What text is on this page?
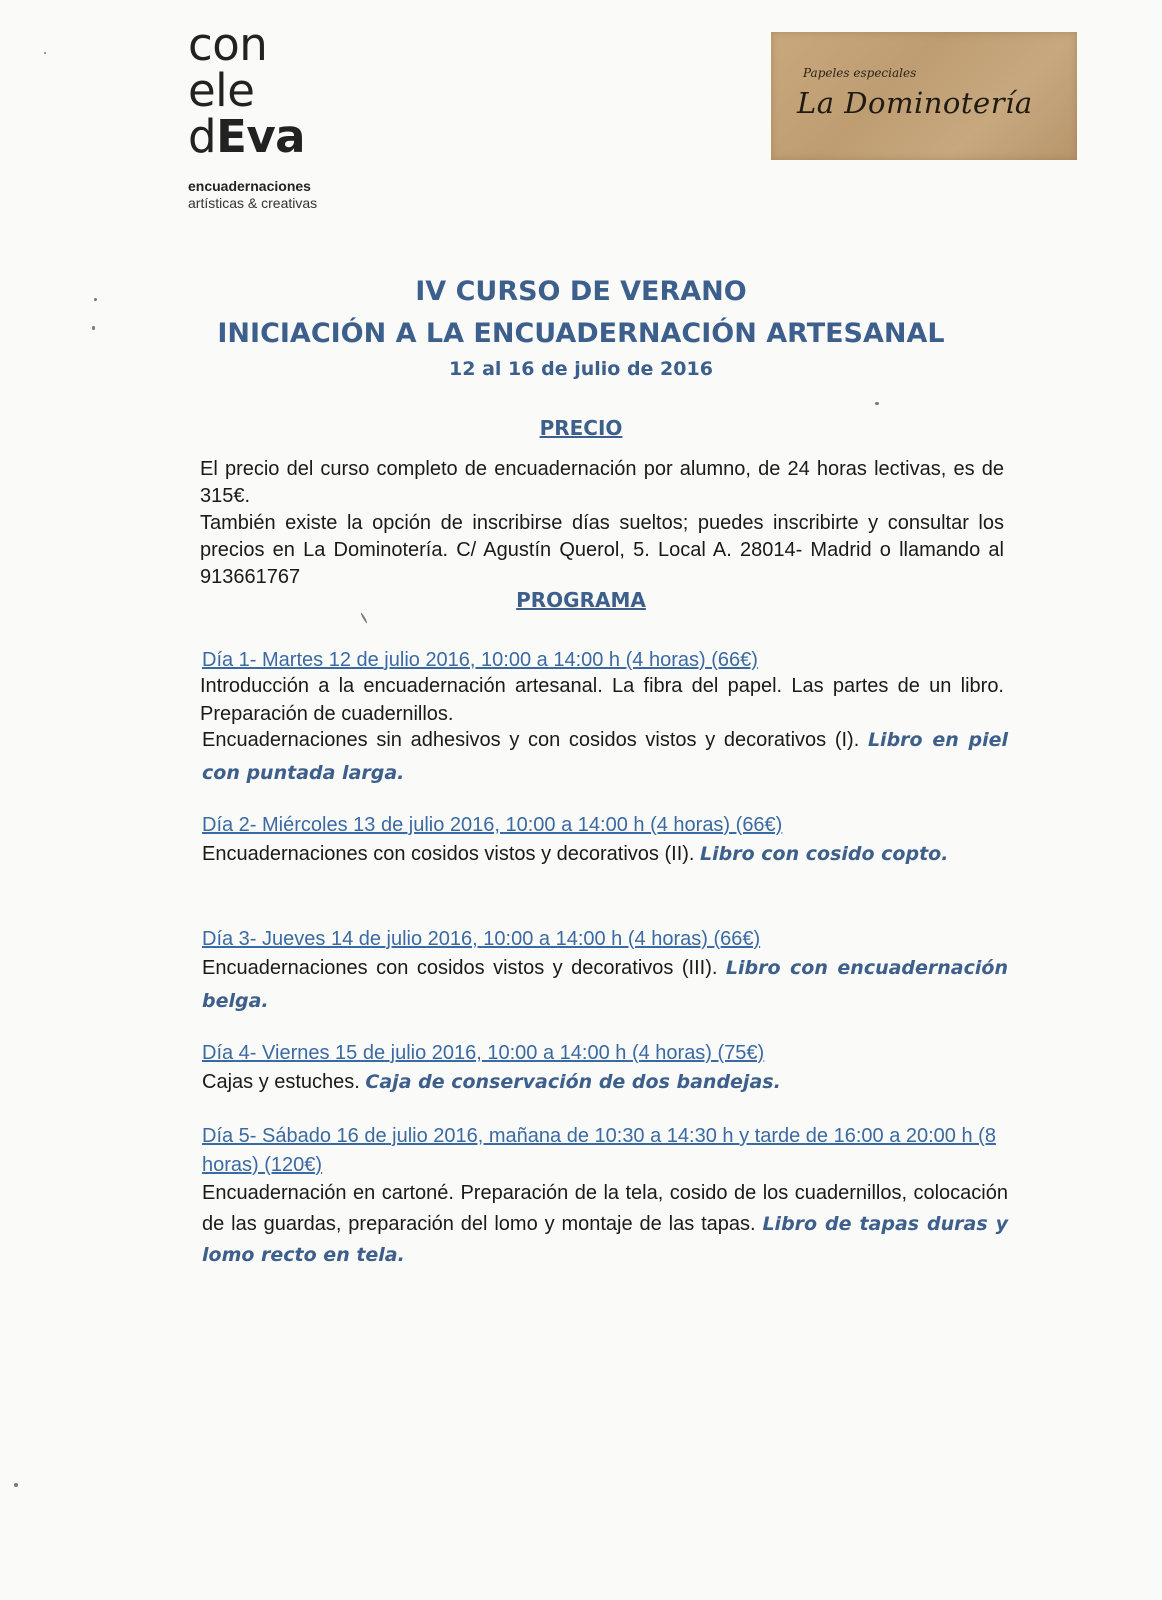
con
ele
dEva
encuadernaciones
artísticas & creativas
Papeles especiales
La Dominotería
IV CURSO DE VERANO
INICIACIÓN A LA ENCUADERNACIÓN ARTESANAL
12 al 16 de julio de 2016
PRECIO
El precio del curso completo de encuadernación por alumno, de 24 horas lectivas, es de 315€.
También existe la opción de inscribirse días sueltos; puedes inscribirte y consultar los precios en La Dominotería. C/ Agustín Querol, 5. Local A. 28014- Madrid o llamando al 913661767
PROGRAMA
Día 1- Martes 12 de julio 2016, 10:00 a 14:00 h (4 horas) (66€)
Introducción a la encuadernación artesanal. La fibra del papel. Las partes de un libro. Preparación de cuadernillos.
Encuadernaciones sin adhesivos y con cosidos vistos y decorativos (I). Libro en piel con puntada larga.
Día 2- Miércoles 13 de julio 2016, 10:00 a 14:00 h (4 horas) (66€)
Encuadernaciones con cosidos vistos y decorativos (II). Libro con cosido copto.
Día 3- Jueves 14 de julio 2016, 10:00 a 14:00 h (4 horas) (66€)
Encuadernaciones con cosidos vistos y decorativos (III). Libro con encuadernación belga.
Día 4- Viernes 15 de julio 2016, 10:00 a 14:00 h (4 horas) (75€)
Cajas y estuches. Caja de conservación de dos bandejas.
Día 5- Sábado 16 de julio 2016, mañana de 10:30 a 14:30 h y tarde de 16:00 a 20:00 h (8 horas) (120€)
Encuadernación en cartoné. Preparación de la tela, cosido de los cuadernillos, colocación de las guardas, preparación del lomo y montaje de las tapas. Libro de tapas duras y lomo recto en tela.
